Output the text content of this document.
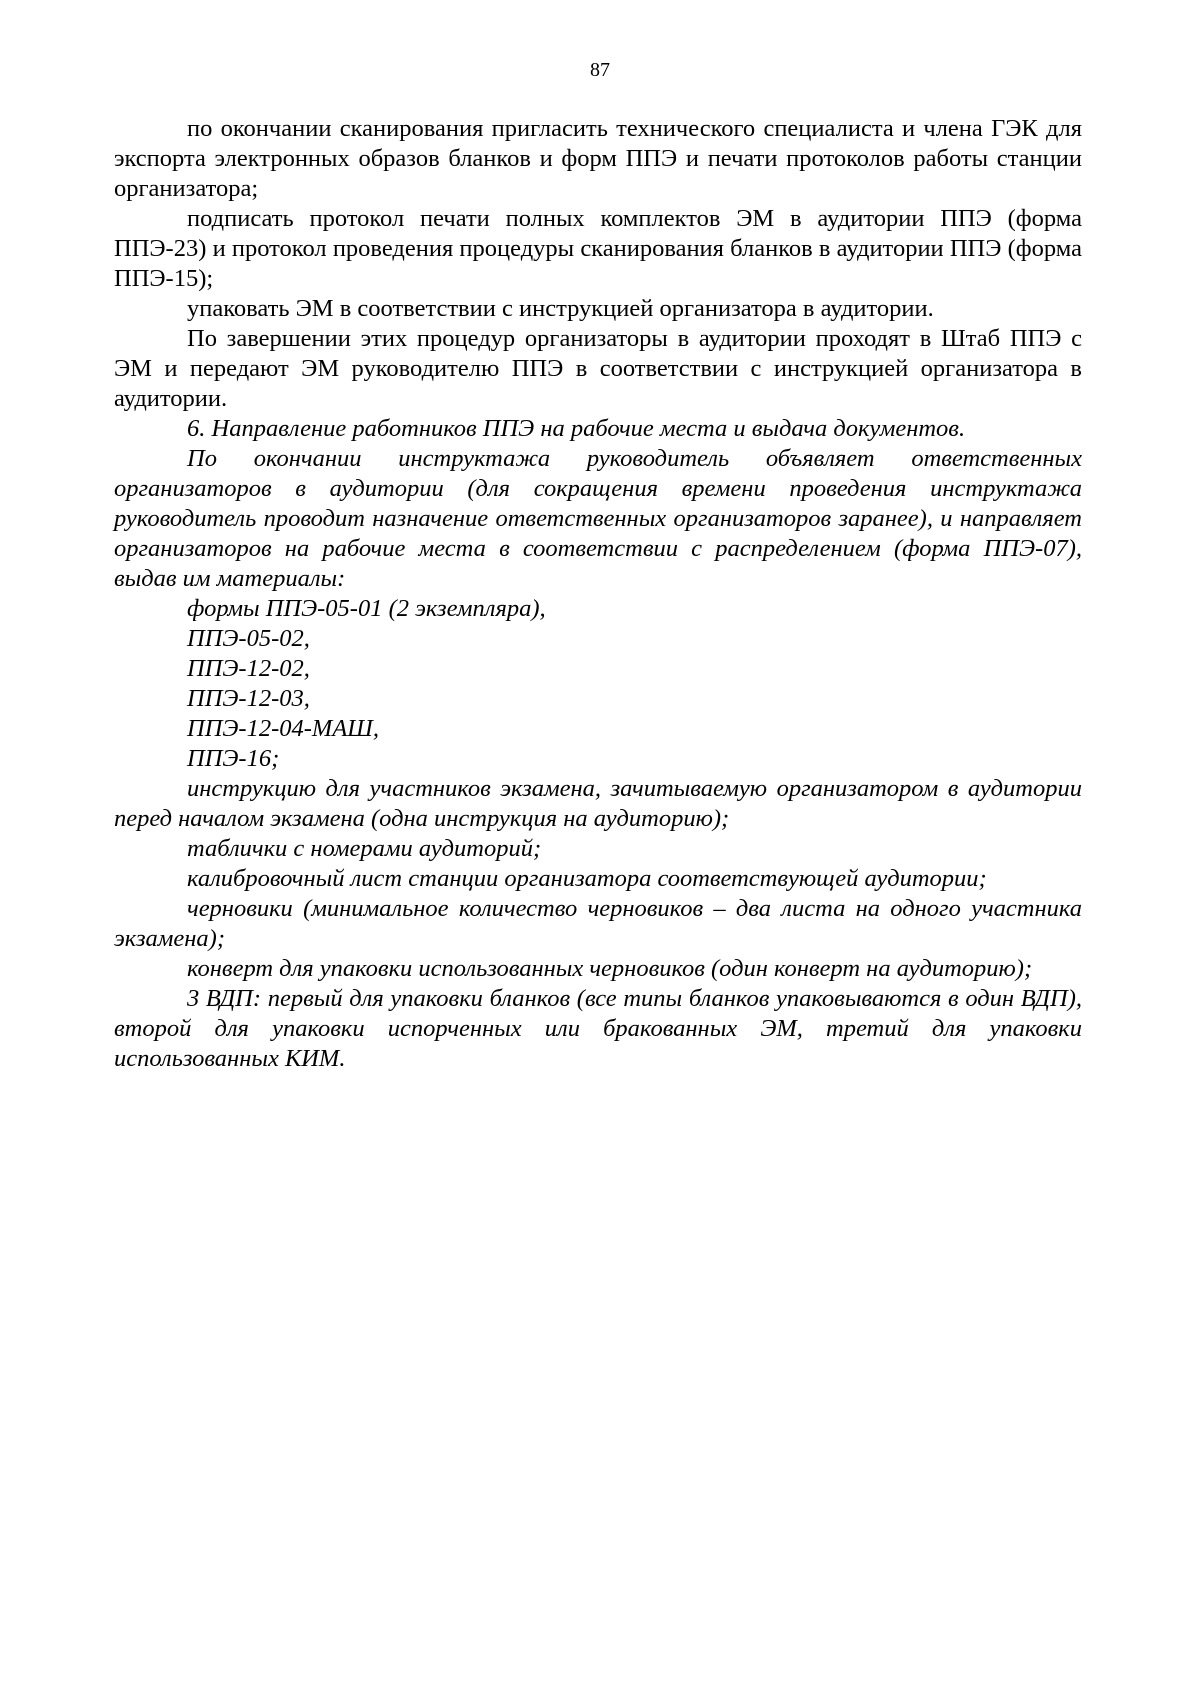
87

по окончании сканирования пригласить технического специалиста и члена ГЭК для экспорта электронных образов бланков и форм ППЭ и печати протоколов работы станции организатора;

подписать протокол печати полных комплектов ЭМ в аудитории ППЭ (форма ППЭ-23) и протокол проведения процедуры сканирования бланков в аудитории ППЭ (форма ППЭ-15);

упаковать ЭМ в соответствии с инструкцией организатора в аудитории.

По завершении этих процедур организаторы в аудитории проходят в Штаб ППЭ с ЭМ и передают ЭМ руководителю ППЭ в соответствии с инструкцией организатора в аудитории.

6. Направление работников ППЭ на рабочие места и выдача документов.

По окончании инструктажа руководитель объявляет ответственных организаторов в аудитории (для сокращения времени проведения инструктажа руководитель проводит назначение ответственных организаторов заранее), и направляет организаторов на рабочие места в соответствии с распределением (форма ППЭ-07), выдав им материалы:

формы ППЭ-05-01 (2 экземпляра),

ППЭ-05-02,

ППЭ-12-02,

ППЭ-12-03,

ППЭ-12-04-МАШ,

ППЭ-16;

инструкцию для участников экзамена, зачитываемую организатором в аудитории перед началом экзамена (одна инструкция на аудиторию);

таблички с номерами аудиторий;

калибровочный лист станции организатора соответствующей аудитории;

черновики (минимальное количество черновиков – два листа на одного участника экзамена);

конверт для упаковки использованных черновиков (один конверт на аудиторию);

3 ВДП: первый для упаковки бланков (все типы бланков упаковываются в один ВДП), второй для упаковки испорченных или бракованных ЭМ, третий для упаковки использованных КИМ.
